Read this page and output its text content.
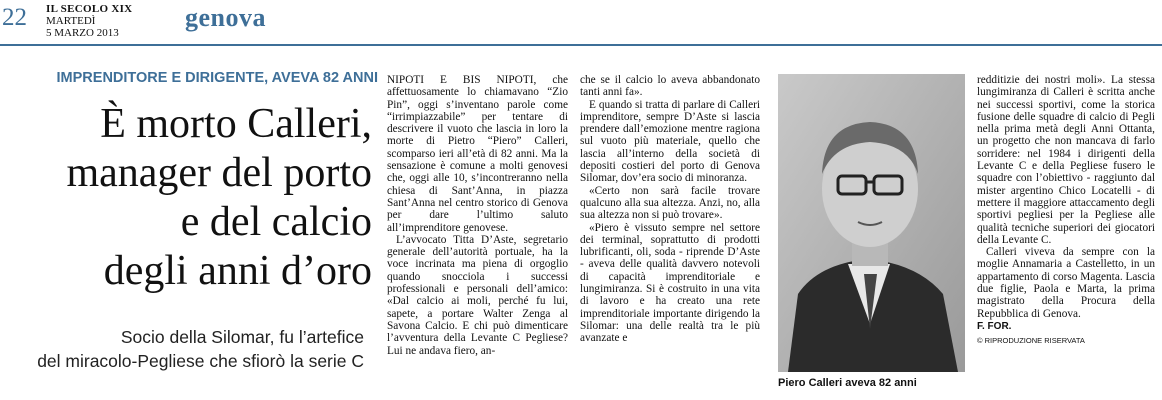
22 IL SECOLO XIX
MARTEDÌ
5 MARZO 2013
genova
IMPRENDITORE E DIRIGENTE, AVEVA 82 ANNI
È morto Calleri,
manager del porto
e del calcio
degli anni d’oro
Socio della Silomar, fu l’artefice
del miracolo-Pegliese che sfiorò la serie C

NIPOTI E BIS NIPOTI, che affettuosamente lo chiamavano “Zio Pin”, oggi s’inventano parole come “irrimpiazzabile” per tentare di descrivere il vuoto che lascia in loro la morte di Pietro “Piero” Calleri, scomparso ieri all’età di 82 anni. Ma la sensazione è comune a molti genovesi che, oggi alle 10, s’incontreranno nella chiesa di Sant’Anna, in piazza Sant’Anna nel centro storico di Genova per dare l’ultimo saluto all’imprenditore genovese.

L’avvocato Titta D’Aste, segretario generale dell’autorità portuale, ha la voce incrinata ma piena di orgoglio quando snocciola i successi professionali e personali dell’amico: «Dal calcio ai moli, perché fu lui, sapete, a portare Walter Zenga al Savona Calcio. E chi può dimenticare l’avventura della Levante C Pegliese? Lui ne andava fiero, an-

che se il calcio lo aveva abbandonato tanti anni fa».

E quando si tratta di parlare di Calleri imprenditore, sempre D’Aste si lascia prendere dall’emozione mentre ragiona sul vuoto più materiale, quello che lascia all’interno della società di depositi costieri del porto di Genova Silomar, dov’era socio di minoranza.

«Certo non sarà facile trovare qualcuno alla sua altezza. Anzi, no, alla sua altezza non si può trovare».

«Piero è vissuto sempre nel settore dei terminal, soprattutto di prodotti lubrificanti, oli, soda - riprende D’Aste - aveva delle qualità davvero notevoli di capacità imprenditoriale e lungimiranza. Si è costruito in una vita di lavoro e ha creato una rete imprenditoriale importante dirigendo la Silomar: una delle realtà tra le più avanzate e

Piero Calleri aveva 82 anni

redditizie dei nostri moli». La stessa lungimiranza di Calleri è scritta anche nei successi sportivi, come la storica fusione delle squadre di calcio di Pegli nella prima metà degli Anni Ottanta, un progetto che non mancava di farlo sorridere: nel 1984 i dirigenti della Levante C e della Pegliese fusero le squadre con l’obiettivo - raggiunto dal mister argentino Chico Locatelli - di mettere il maggiore attaccamento degli sportivi pegliesi per la Pegliese alle qualità tecniche superiori dei giocatori della Levante C.

Calleri viveva da sempre con la moglie Annamaria a Castelletto, in un appartamento di corso Magenta. Lascia due figlie, Paola e Marta, la prima magistrato della Procura della Repubblica di Genova.

F. FOR.
© RIPRODUZIONE RISERVATA
